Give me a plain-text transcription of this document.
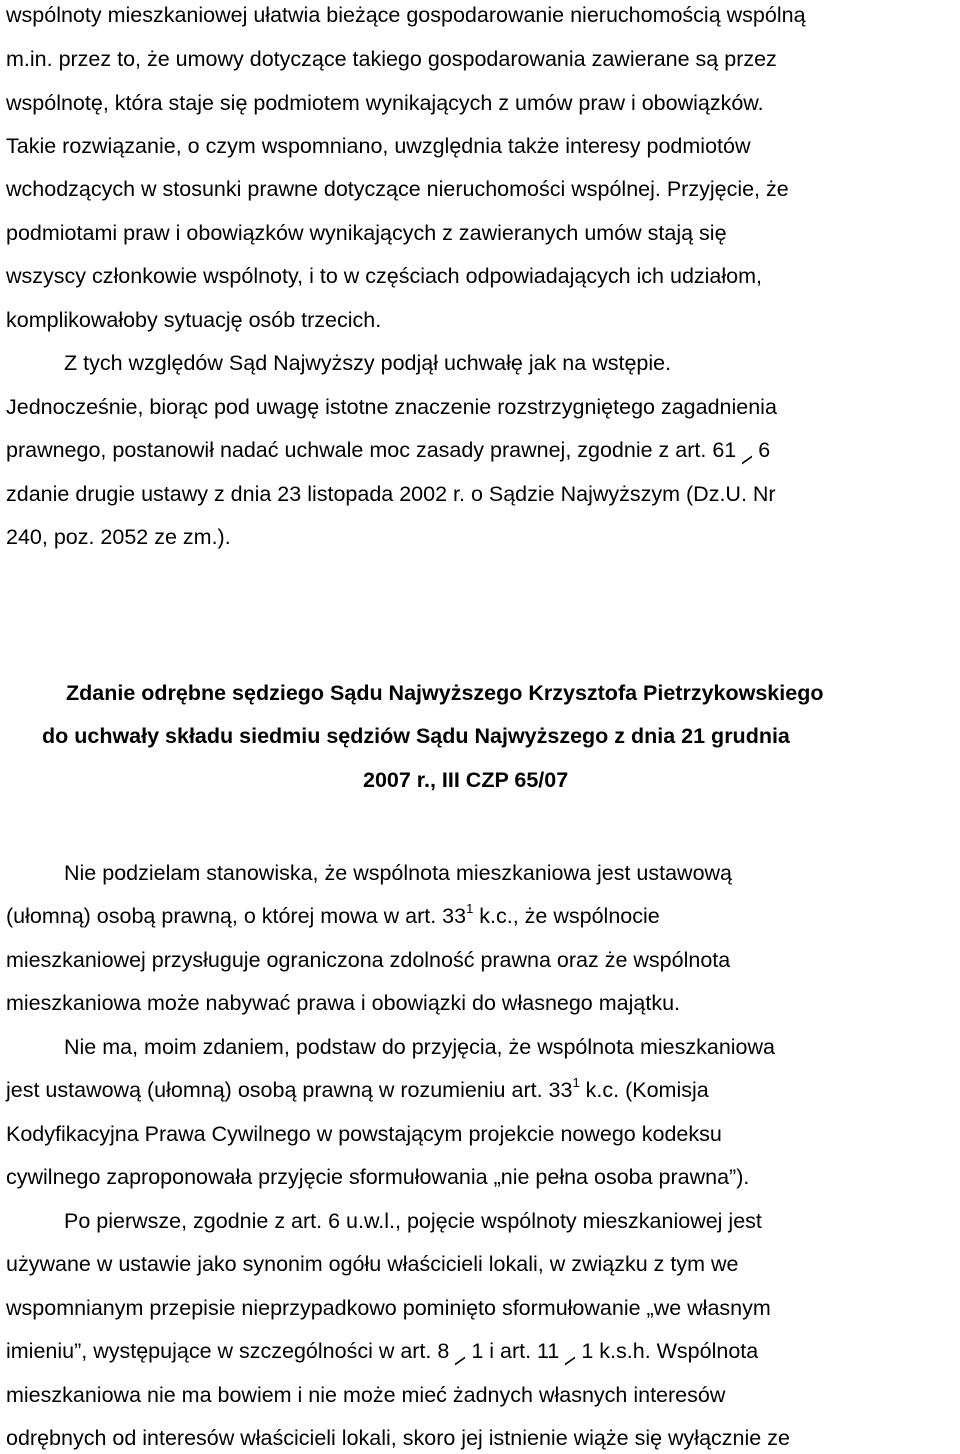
wspólnoty mieszkaniowej ułatwia bieżące gospodarowanie nieruchomością wspólną
m.in. przez to, że umowy dotyczące takiego gospodarowania zawierane są przez
wspólnotę, która staje się podmiotem wynikających z umów praw i obowiązków.
Takie rozwiązanie, o czym wspomniano, uwzględnia także interesy podmiotów
wchodzących w stosunki prawne dotyczące nieruchomości wspólnej. Przyjęcie, że
podmiotami praw i obowiązków wynikających z zawieranych umów stają się
wszyscy członkowie wspólnoty, i to w częściach odpowiadających ich udziałom,
komplikowałoby sytuację osób trzecich.
Z tych względów Sąd Najwyższy podjął uchwałę jak na wstępie.
Jednocześnie, biorąc pod uwagę istotne znaczenie rozstrzygniętego zagadnienia
prawnego, postanowił nadać uchwale moc zasady prawnej, zgodnie z art. 61 6
zdanie drugie ustawy z dnia 23 listopada 2002 r. o Sądzie Najwyższym (Dz.U. Nr
240, poz. 2052 ze zm.).
Zdanie odrębne sędziego Sądu Najwyższego Krzysztofa Pietrzykowskiego
do uchwały składu siedmiu sędziów Sądu Najwyższego z dnia 21 grudnia
2007 r., III CZP 65/07
Nie podzielam stanowiska, że wspólnota mieszkaniowa jest ustawową
(ułomną) osobą prawną, o której mowa w art. $33^1$ k.c., że wspólnocie
mieszkaniowej przysługuje ograniczona zdolność prawna oraz że wspólnota
mieszkaniowa może nabywać prawa i obowiązki do własnego majątku.
Nie ma, moim zdaniem, podstaw do przyjęcia, że wspólnota mieszkaniowa
jest ustawową (ułomną) osobą prawną w rozumieniu art. $33^1$ k.c. (Komisja
Kodyfikacyjna Prawa Cywilnego w powstającym projekcie nowego kodeksu
cywilnego zaproponowała przyjęcie sformułowania „nie pełna osoba prawna”).
Po pierwsze, zgodnie z art. 6 u.w.l., pojęcie wspólnoty mieszkaniowej jest
używane w ustawie jako synonim ogółu właścicieli lokali, w związku z tym we
wspomnianym przepisie nieprzypadkowo pominięto sformułowanie „we własnym
imieniu”, występujące w szczególności w art. 8 1 i art. 11 1 k.s.h. Wspólnota
mieszkaniowa nie ma bowiem i nie może mieć żadnych własnych interesów
odrębnych od interesów właścicieli lokali, skoro jej istnienie wiąże się wyłącznie ze
